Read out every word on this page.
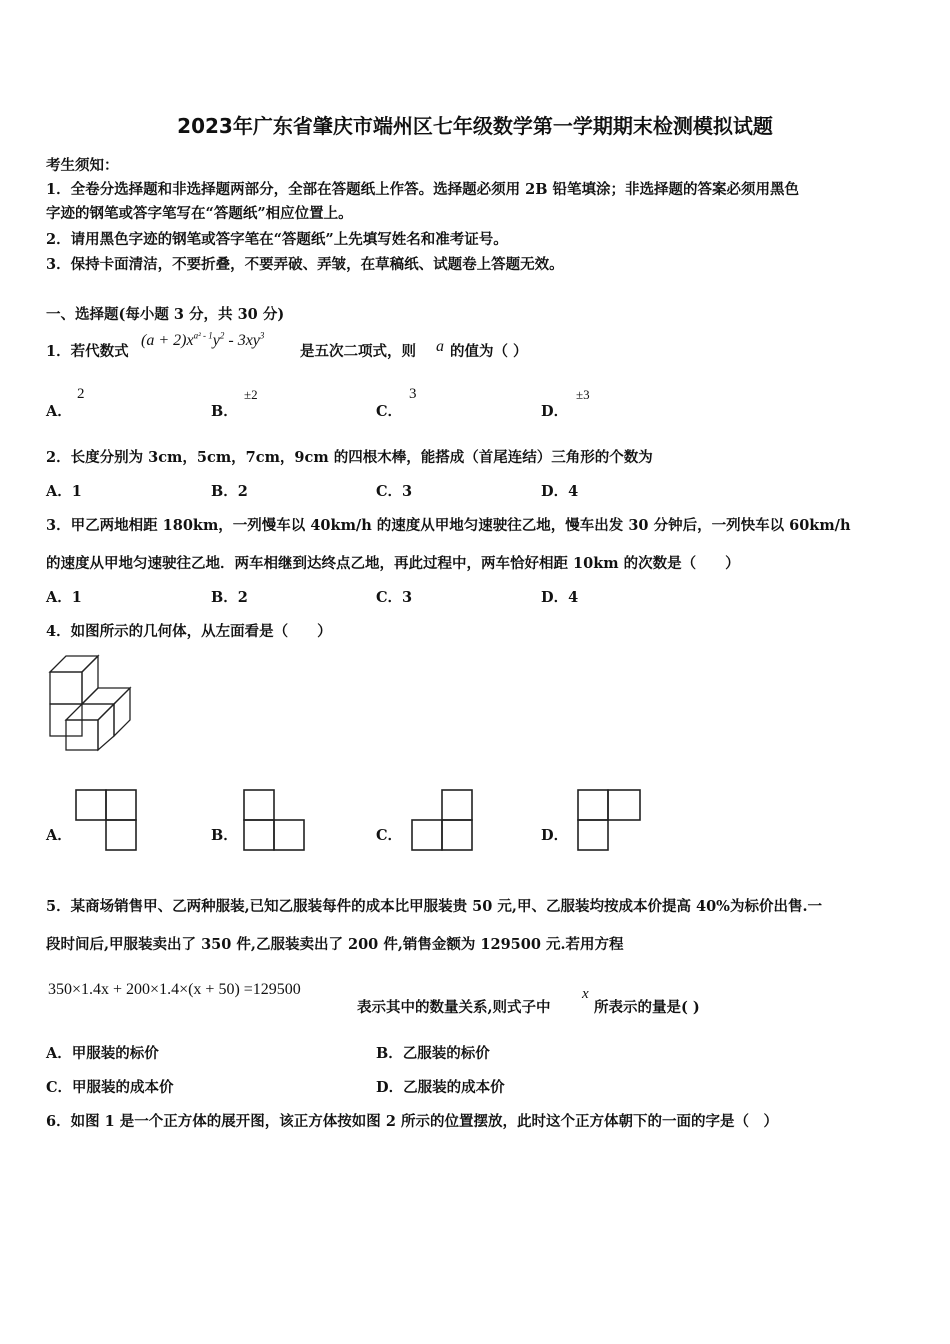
2023年广东省肇庆市端州区七年级数学第一学期期末检测模拟试题
考生须知：
1．全卷分选择题和非选择题两部分，全部在答题纸上作答。选择题必须用 2B 铅笔填涂；非选择题的答案必须用黑色
字迹的钢笔或答字笔写在“答题纸”相应位置上。
2．请用黑色字迹的钢笔或答字笔在“答题纸”上先填写姓名和准考证号。
3．保持卡面清洁，不要折叠，不要弄破、弄皱，在草稿纸、试题卷上答题无效。
一、选择题(每小题 3 分，共 30 分)
1．若代数式
$(a + 2)x^{a^2 - 1}y^2 - 3xy^3$
是五次二项式，则 a 的值为（ ）
A．
2
B．
±2
C．
3
D．
±3
2．长度分别为 3cm，5cm，7cm，9cm 的四根木棒，能搭成（首尾连结）三角形的个数为
A．1	B．2	C．3	D．4
3．甲乙两地相距 180km，一列慢车以 40km/h 的速度从甲地匀速驶往乙地，慢车出发 30 分钟后，一列快车以 60km/h
的速度从甲地匀速驶往乙地．两车相继到达终点乙地，再此过程中，两车恰好相距 10km 的次数是（　　）
A．1	B．2	C．3	D．4
4．如图所示的几何体，从左面看是（　　）
A．	B．	C．	D．
5．某商场销售甲、乙两种服装,已知乙服装每件的成本比甲服装贵 50 元,甲、乙服装均按成本价提高 40%为标价出售.一
段时间后,甲服装卖出了 350 件,乙服装卖出了 200 件,销售金额为 129500 元.若用方程
350×1.4x + 200×1.4×(x + 50) =129500
表示其中的数量关系,则式子中
x
所表示的量是( )
A．甲服装的标价	B．乙服装的标价
C．甲服装的成本价	D．乙服装的成本价
6．如图 1 是一个正方体的展开图，该正方体按如图 2 所示的位置摆放，此时这个正方体朝下的一面的字是（　）
